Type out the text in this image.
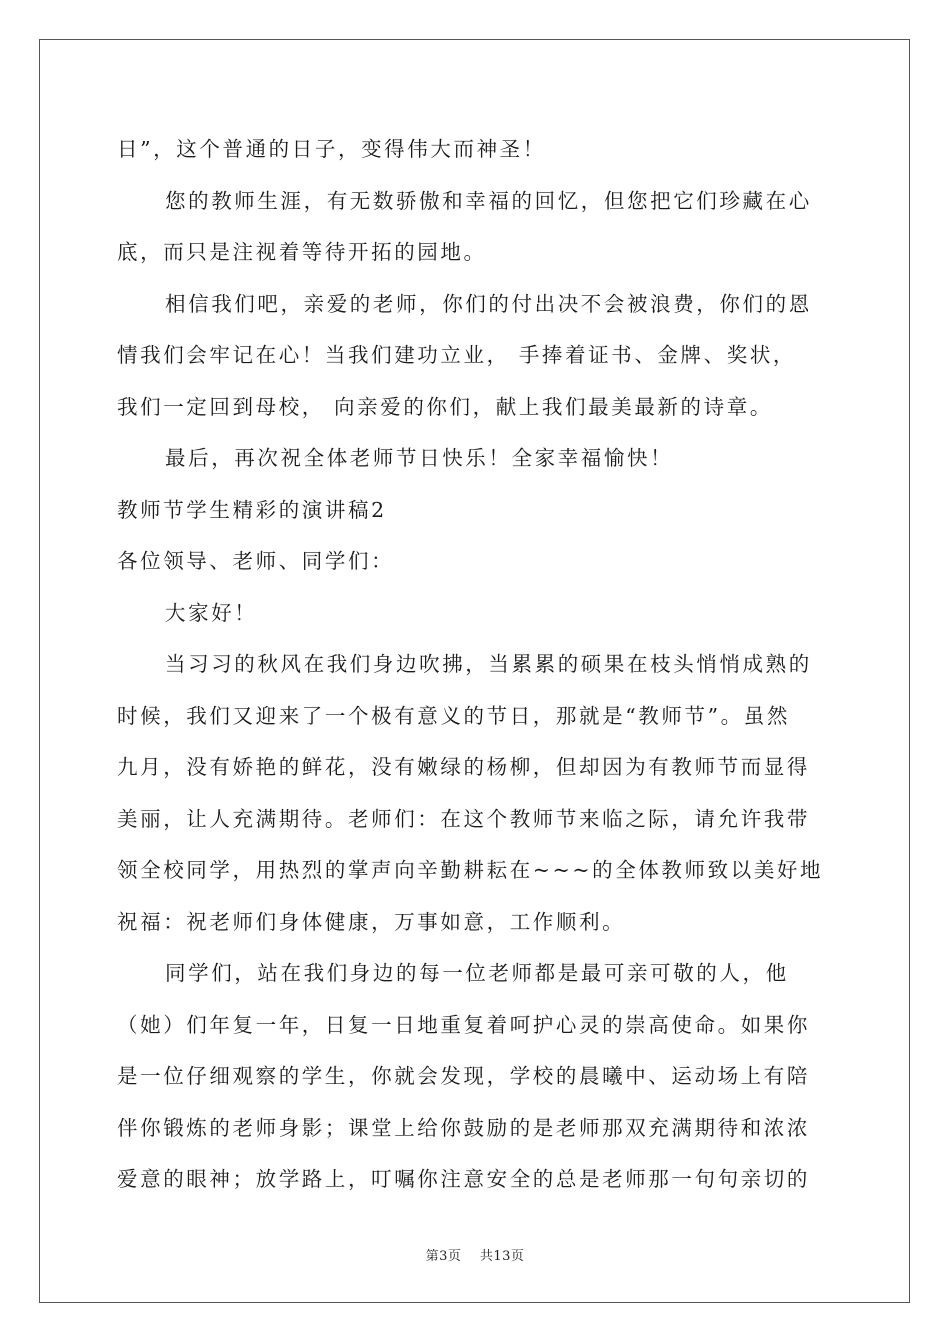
日”，这个普通的日子，变得伟大而神圣！
您的教师生涯，有无数骄傲和幸福的回忆，但您把它们珍藏在心
底，而只是注视着等待开拓的园地。
相信我们吧，亲爱的老师，你们的付出决不会被浪费，你们的恩
情我们会牢记在心！当我们建功立业， 手捧着证书、金牌、奖状，
我们一定回到母校， 向亲爱的你们，献上我们最美最新的诗章。
最后，再次祝全体老师节日快乐！全家幸福愉快！
教师节学生精彩的演讲稿2
各位领导、老师、同学们：
大家好！
当习习的秋风在我们身边吹拂，当累累的硕果在枝头悄悄成熟的
时候，我们又迎来了一个极有意义的节日，那就是“教师节”。虽然
九月，没有娇艳的鲜花，没有嫩绿的杨柳，但却因为有教师节而显得
美丽，让人充满期待。老师们：在这个教师节来临之际，请允许我带
领全校同学，用热烈的掌声向辛勤耕耘在~~~的全体教师致以美好地
祝福：祝老师们身体健康，万事如意，工作顺利。
同学们，站在我们身边的每一位老师都是最可亲可敬的人，他
（她）们年复一年，日复一日地重复着呵护心灵的崇高使命。如果你
是一位仔细观察的学生，你就会发现，学校的晨曦中、运动场上有陪
伴你锻炼的老师身影；课堂上给你鼓励的是老师那双充满期待和浓浓
爱意的眼神；放学路上，叮嘱你注意安全的总是老师那一句句亲切的
第3页 共13页
